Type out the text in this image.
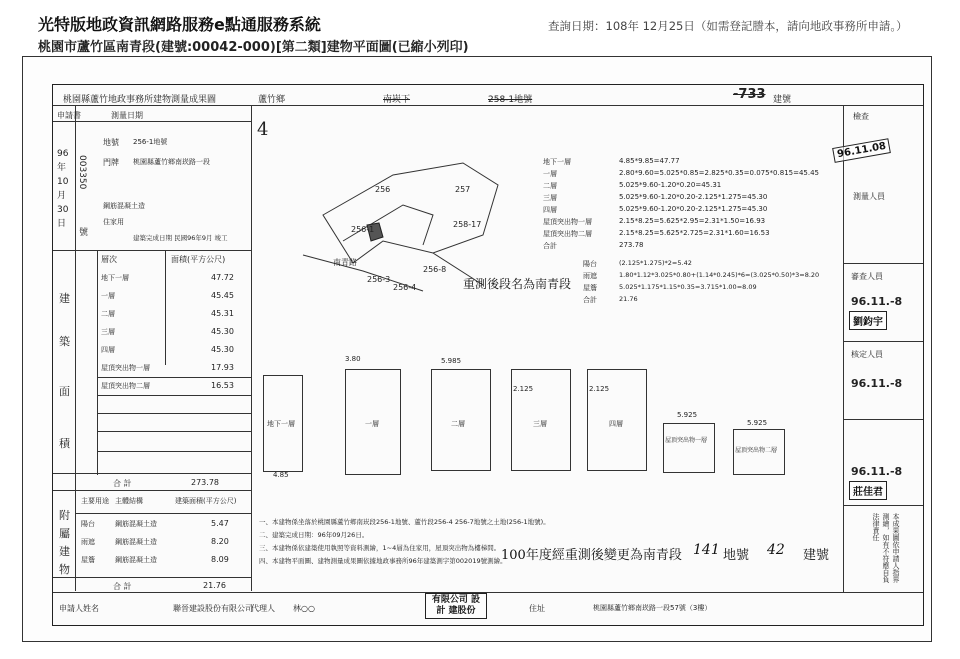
光特版地政資訊網路服務e點通服務系統
桃園市蘆竹區南青段(建號:00042-000)[第二類]建物平面圖(已縮小列印)
查詢日期：108年 12月25日（如需登記謄本，請向地政事務所申請。）
桃園縣蘆竹地政事務所建物測量成果圖	蘆竹鄉	南崁下	258-1地號	-733 建號
申請書	測量日期
96
年
10
月
30
日
003350
號
門牌 桃園縣蘆竹鄉南崁路一段
地號 256-1地號
鋼筋混凝土造
住家用
建築完成日期 民國96年9月 竣工
層次	面積(平方公尺)
地下一層	47.72
一層	45.45
二層	45.31
三層	45.30
四層	45.30
屋頂突出物一層	17.93
屋頂突出物二層	16.53
建
築
面
積
合 計	273.78
附
屬
建
物
主要用途 主體結構	建築面積(平方公尺)
陽台	鋼筋混凝土造	5.47
雨遮	鋼筋混凝土造	8.20
屋簷	鋼筋混凝土造	8.09
合 計	21.76
申請人姓名	聯晉建設股份有限公司
代理人 林○○	住址	桃園縣蘆竹鄉南崁路一段57號（3樓）
有限公司 設計 建股份
4
256	257
256-1
258-17
256-3
256-4
256-8
南青路
重測後段名為南青段
地下一層	4.85*9.85=47.77
一層	2.80*9.60=5.025*0.85=2.825*0.35=0.075*0.815=45.45
二層	5.025*9.60-1.20*0.20=45.31
三層	5.025*9.60-1.20*0.20-2.125*1.275=45.30
四層	5.025*9.60-1.20*0.20-2.125*1.275=45.30
屋頂突出物一層	2.15*8.25=5.625*2.95=2.31*1.50=16.93
屋頂突出物二層	2.15*8.25=5.625*2.725=2.31*1.60=16.53
合計	273.78
陽台	(2.125*1.275)*2=5.42
雨遮	1.80*1.12*3.025*0.80+(1.14*0.245)*6=(3.025*0.50)*3=8.20
屋簷	5.025*1.175*1.15*0.35=3.715*1.00=8.09
合計	21.76
地下一層
4.85
一層
3.80
二層
5.985
三層
2.125
四層
2.125
屋頂突出物一層
5.925
屋頂突出物二層
5.925
一、本建物係坐落於桃園縣蘆竹鄉南崁段256-1地號、蘆竹段256-4 256-7地號之土地(256-1地號)。
二、建築完成日期：96年09月26日。
三、本建物係依建築使用執照等資料測繪，1~4層為住家用，屋頂突出物為樓梯間。
四、本建物平面圖、建物測量成果圖依據地政事務所96年建築測字第002019號測繪。
100年度經重測後變更為南青段 141 地號 42 建號
檢查
96.11.08
測量人員
審查人員
96.11.-8
劉鈞宇
核定人員
96.11.-8
96.11.-8
莊佳君
本成果圖依申請人指界測繪，如有不符應自負法律責任
